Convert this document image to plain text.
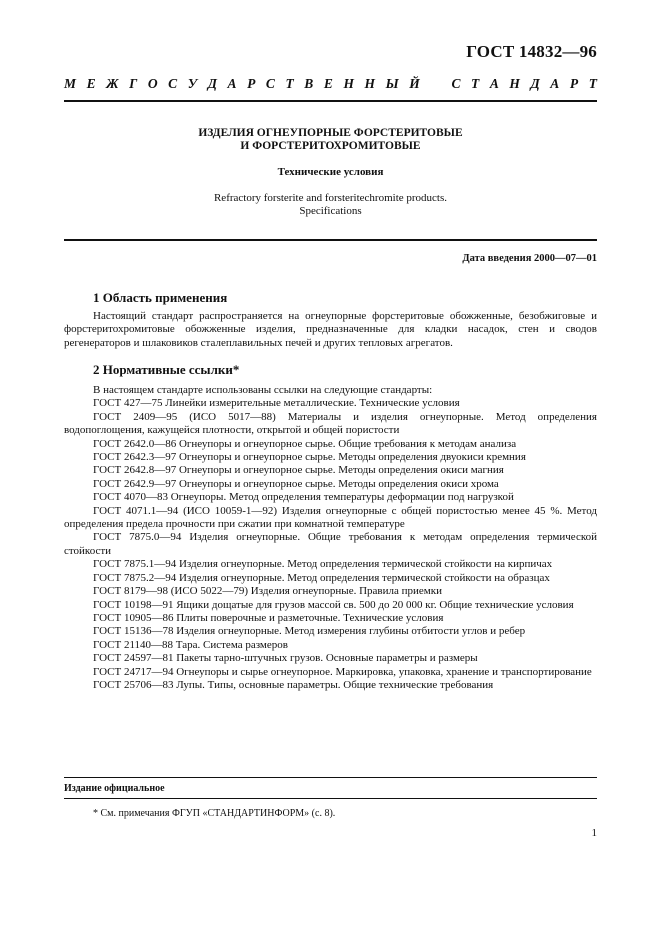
ГОСТ 14832—96
М Е Ж Г О С У Д А Р С Т В Е Н Н Ы Й С Т А Н Д А Р Т
ИЗДЕЛИЯ ОГНЕУПОРНЫЕ ФОРСТЕРИТОВЫЕ
И ФОРСТЕРИТОХРОМИТОВЫЕ
Технические условия
Refractory forsterite and forsteritechromite products.
Specifications
Дата введения 2000—07—01
1 Область применения

Настоящий стандарт распространяется на огнеупорные форстеритовые обожженные, безобжиговые и форстеритохромитовые обожженные изделия, предназначенные для кладки насадок, стен и сводов регенераторов и шлаковиков сталеплавильных печей и других тепловых агрегатов.

2 Нормативные ссылки*

В настоящем стандарте использованы ссылки на следующие стандарты:

ГОСТ 427—75 Линейки измерительные металлические. Технические условия

ГОСТ 2409—95 (ИСО 5017—88) Материалы и изделия огнеупорные. Метод определения водопоглощения, кажущейся плотности, открытой и общей пористости

ГОСТ 2642.0—86 Огнеупоры и огнеупорное сырье. Общие требования к методам анализа

ГОСТ 2642.3—97 Огнеупоры и огнеупорное сырье. Методы определения двуокиси кремния

ГОСТ 2642.8—97 Огнеупоры и огнеупорное сырье. Методы определения окиси магния

ГОСТ 2642.9—97 Огнеупоры и огнеупорное сырье. Методы определения окиси хрома

ГОСТ 4070—83 Огнеупоры. Метод определения температуры деформации под нагрузкой

ГОСТ 4071.1—94 (ИСО 10059-1—92) Изделия огнеупорные с общей пористостью менее 45 %. Метод определения предела прочности при сжатии при комнатной температуре

ГОСТ 7875.0—94 Изделия огнеупорные. Общие требования к методам определения термической стойкости

ГОСТ 7875.1—94 Изделия огнеупорные. Метод определения термической стойкости на кирпичах

ГОСТ 7875.2—94 Изделия огнеупорные. Метод определения термической стойкости на образцах

ГОСТ 8179—98 (ИСО 5022—79) Изделия огнеупорные. Правила приемки

ГОСТ 10198—91 Ящики дощатые для грузов массой св. 500 до 20 000 кг. Общие технические условия

ГОСТ 10905—86 Плиты поверочные и разметочные. Технические условия

ГОСТ 15136—78 Изделия огнеупорные. Метод измерения глубины отбитости углов и ребер

ГОСТ 21140—88 Тара. Система размеров

ГОСТ 24597—81 Пакеты тарно-штучных грузов. Основные параметры и размеры

ГОСТ 24717—94 Огнеупоры и сырье огнеупорное. Маркировка, упаковка, хранение и транспортирование

ГОСТ 25706—83 Лупы. Типы, основные параметры. Общие технические требования

Издание официальное
* См. примечания ФГУП «СТАНДАРТИНФОРМ» (с. 8).
1
